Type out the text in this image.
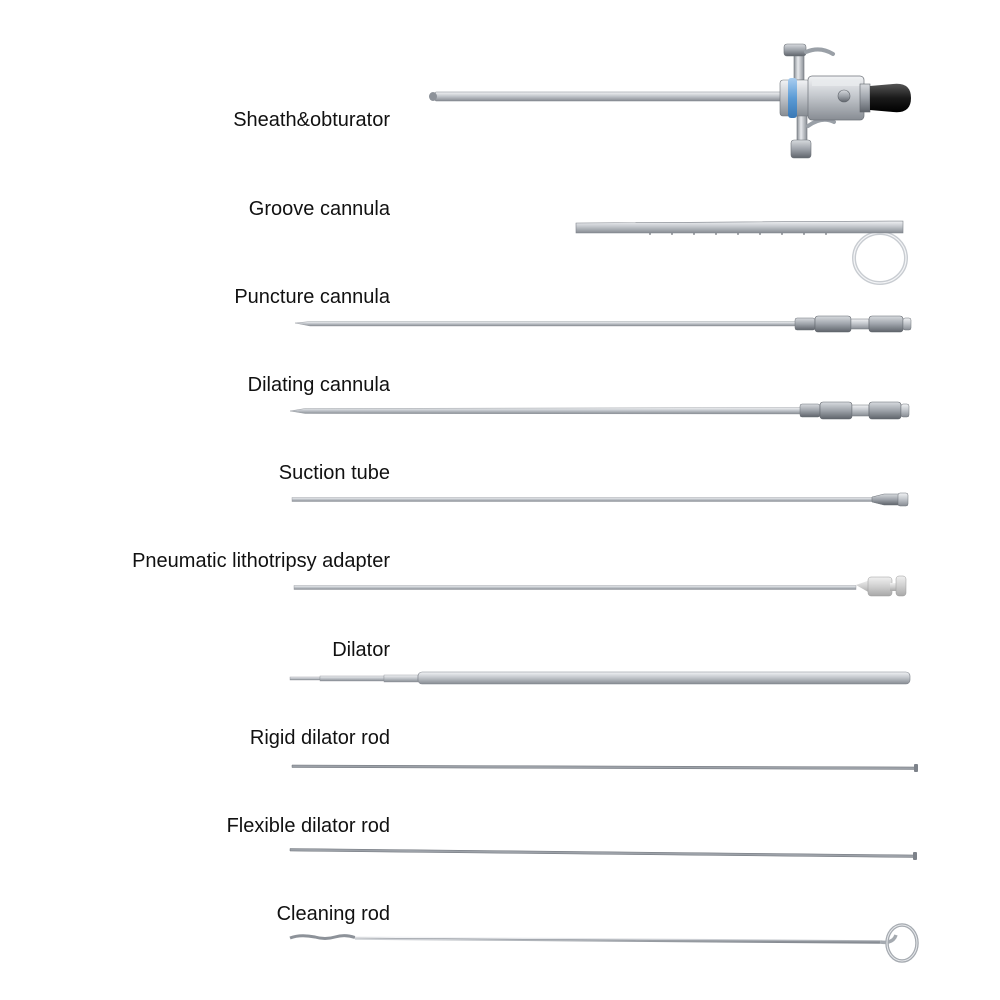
Sheath&obturator
Groove cannula
Puncture cannula
Dilating cannula
Suction tube
Pneumatic lithotripsy adapter
Dilator
Rigid dilator rod
Flexible dilator rod
Cleaning rod
